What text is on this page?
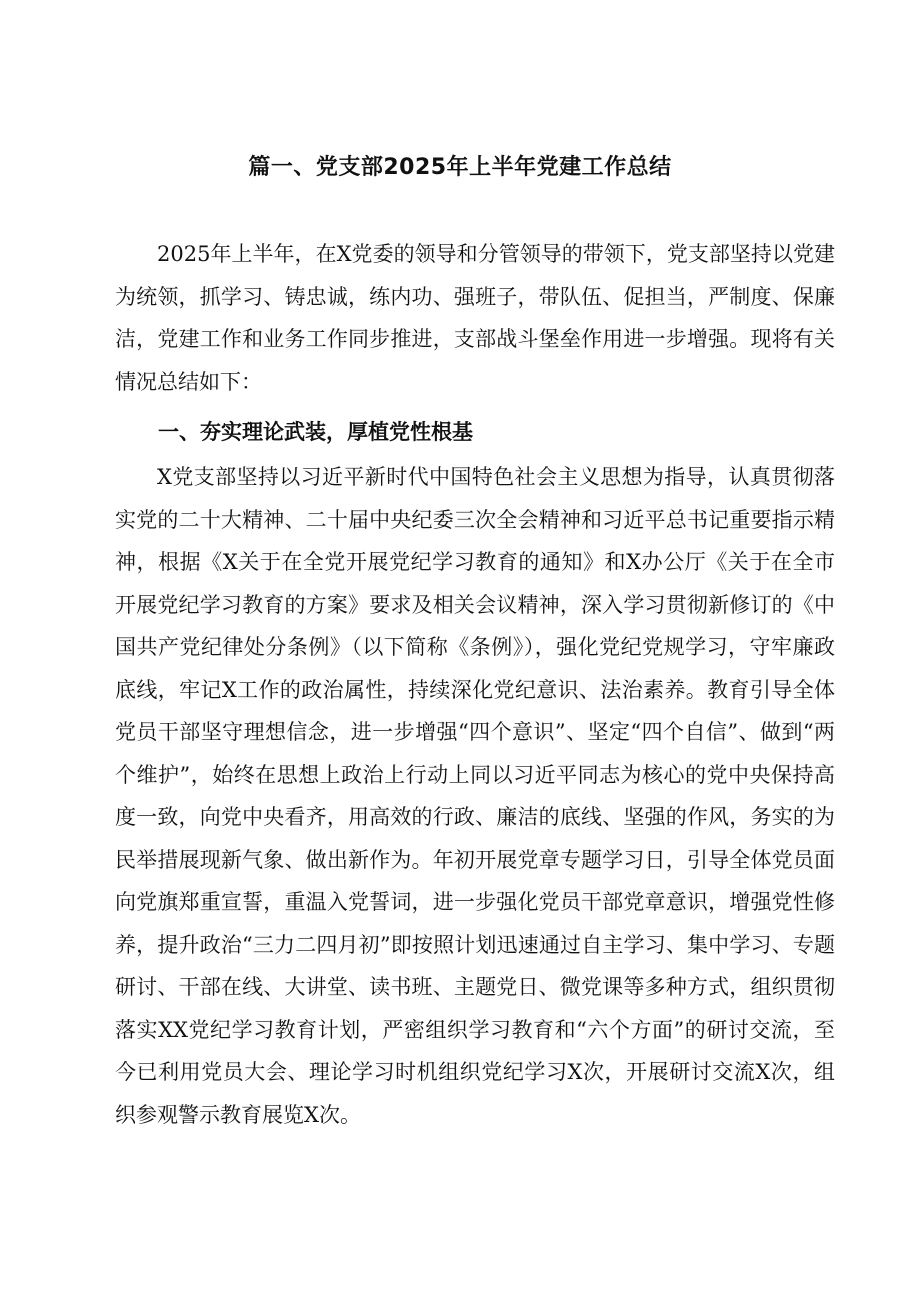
篇一、党支部2025年上半年党建工作总结

2025年上半年，在X党委的领导和分管领导的带领下，党支部坚持以党建为统领，抓学习、铸忠诚，练内功、强班子，带队伍、促担当，严制度、保廉洁，党建工作和业务工作同步推进，支部战斗堡垒作用进一步增强。现将有关情况总结如下：

一、夯实理论武装，厚植党性根基

X党支部坚持以习近平新时代中国特色社会主义思想为指导，认真贯彻落实党的二十大精神、二十届中央纪委三次全会精神和习近平总书记重要指示精神，根据《X关于在全党开展党纪学习教育的通知》和X办公厅《关于在全市开展党纪学习教育的方案》要求及相关会议精神，深入学习贯彻新修订的《中国共产党纪律处分条例》（以下简称《条例》），强化党纪党规学习，守牢廉政底线，牢记X工作的政治属性，持续深化党纪意识、法治素养。教育引导全体党员干部坚守理想信念，进一步增强“四个意识”、坚定“四个自信”、做到“两个维护”，始终在思想上政治上行动上同以习近平同志为核心的党中央保持高度一致，向党中央看齐，用高效的行政、廉洁的底线、坚强的作风，务实的为民举措展现新气象、做出新作为。年初开展党章专题学习日，引导全体党员面向党旗郑重宣誓，重温入党誓词，进一步强化党员干部党章意识，增强党性修养，提升政治“三力二四月初”即按照计划迅速通过自主学习、集中学习、专题研讨、干部在线、大讲堂、读书班、主题党日、微党课等多种方式，组织贯彻落实XX党纪学习教育计划，严密组织学习教育和“六个方面”的研讨交流，至今已利用党员大会、理论学习时机组织党纪学习X次，开展研讨交流X次，组织参观警示教育展览X次。
